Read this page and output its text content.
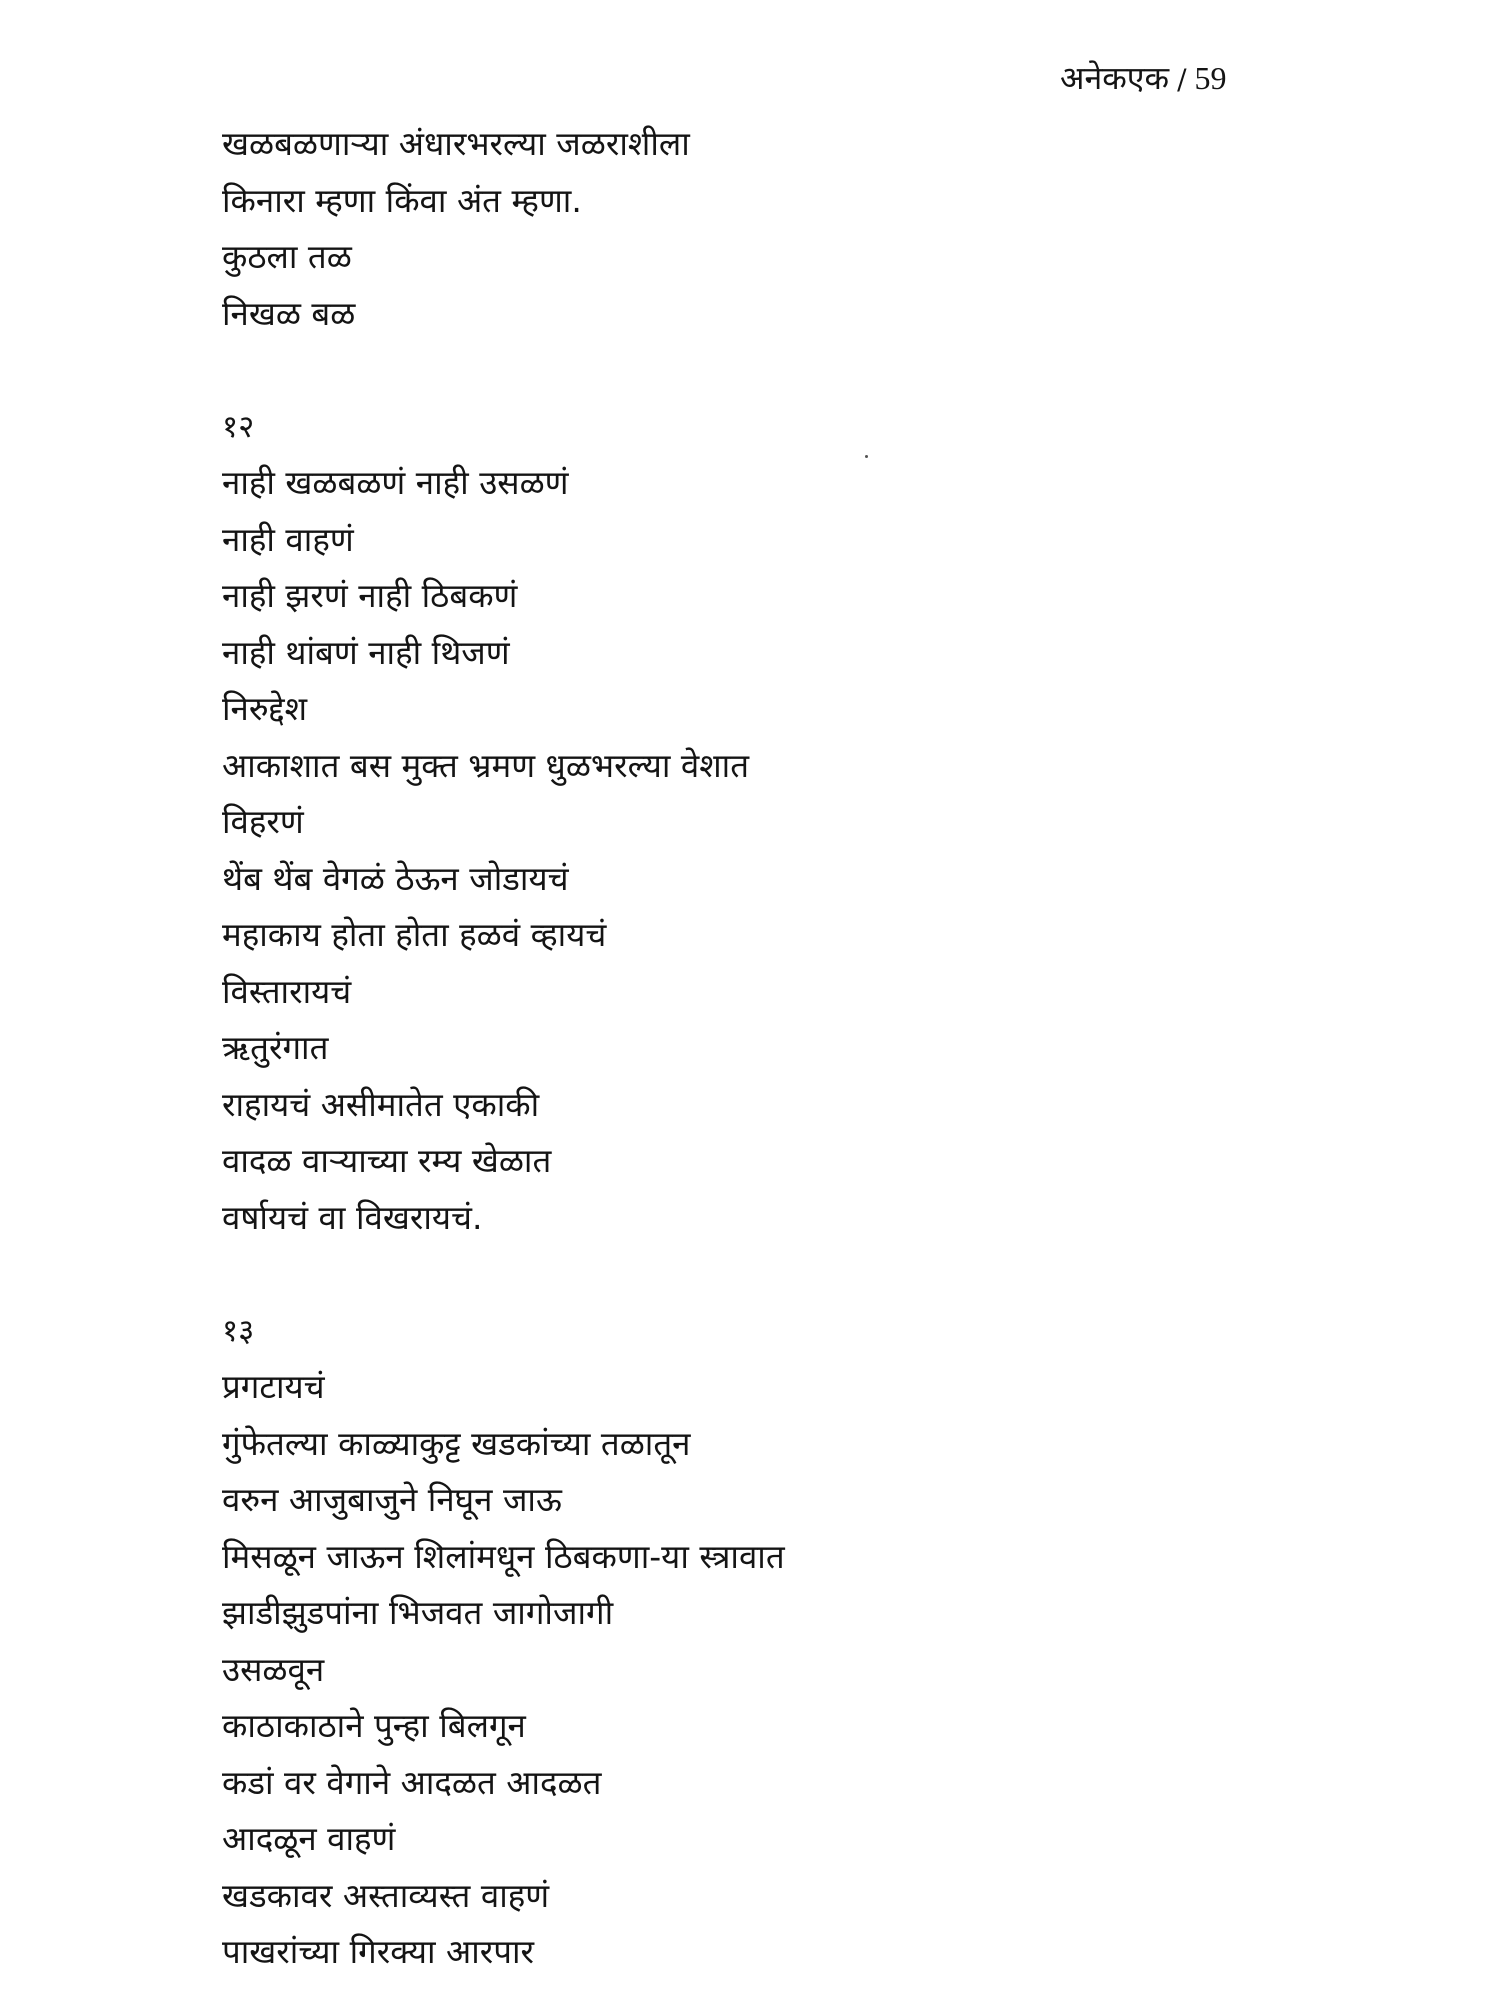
अनेकएक / 59
खळबळणाऱ्या अंधारभरल्या जळराशीला
किनारा म्हणा किंवा अंत म्हणा.
कुठला तळ
निखळ बळ
१२
नाही खळबळणं नाही उसळणं
नाही वाहणं
नाही झरणं नाही ठिबकणं
नाही थांबणं नाही थिजणं
निरुद्देश
आकाशात बस मुक्त भ्रमण धुळभरल्या वेशात
विहरणं
थेंब थेंब वेगळं ठेऊन जोडायचं
महाकाय होता होता हळवं व्हायचं
विस्तारायचं
ऋतुरंगात
राहायचं असीमातेत एकाकी
वादळ वाऱ्याच्या रम्य खेळात
वर्षायचं वा विखरायचं.
१३
प्रगटायचं
गुंफेतल्या काळ्याकुट्ट खडकांच्या तळातून
वरुन आजुबाजुने निघून जाऊ
मिसळून जाऊन शिलांमधून ठिबकणा-या स्त्रावात
झाडीझुडपांना भिजवत जागोजागी
उसळवून
काठाकाठाने पुन्हा बिलगून
कडां वर वेगाने आदळत आदळत
आदळून वाहणं
खडकावर अस्ताव्यस्त वाहणं
पाखरांच्या गिरक्या आरपार
